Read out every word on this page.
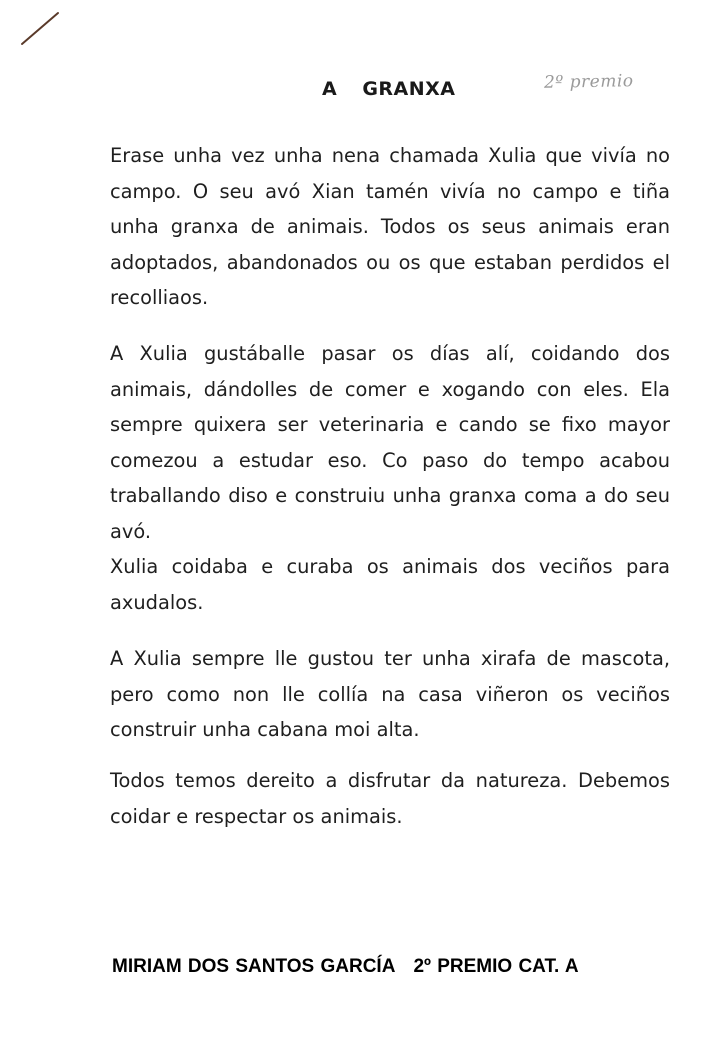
A GRANXA	2º premio

Erase unha vez unha nena chamada Xulia que vivía no campo. O seu avó Xian tamén vivía no campo e tiña unha granxa de animais. Todos os seus animais eran adoptados, abandonados ou os que estaban perdidos el recolliaos.

A Xulia gustáballe pasar os días alí, coidando dos animais, dándolles de comer e xogando con eles. Ela sempre quixera ser veterinaria e cando se fixo mayor comezou a estudar eso. Co paso do tempo acabou traballando diso e construiu unha granxa coma a do seu avó.

Xulia coidaba e curaba os animais dos veciños para axudalos.

A Xulia sempre lle gustou ter unha xirafa de mascota, pero como non lle collía na casa viñeron os veciños construir unha cabana moi alta.

Todos temos dereito a disfrutar da natureza. Debemos coidar e respectar os animais.

MIRIAM DOS SANTOS GARCÍA 2º PREMIO CAT. A
